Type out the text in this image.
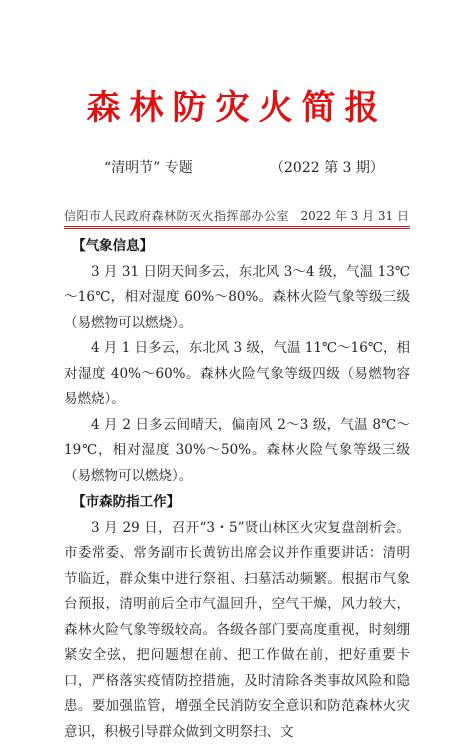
森林防灾火简报
“清明节” 专题	（2022 第 3 期）
信阳市人民政府森林防灭火指挥部办公室 2022 年 3 月 31 日

【气象信息】

3 月 31 日阴天间多云，东北风 3～4 级，气温 13℃～16℃，相对湿度 60%～80%。森林火险气象等级三级（易燃物可以燃烧）。

4 月 1 日多云，东北风 3 级，气温 11℃～16℃，相对湿度 40%～60%。森林火险气象等级四级（易燃物容易燃烧）。

4 月 2 日多云间晴天，偏南风 2～3 级，气温 8℃～19℃，相对湿度 30%～50%。森林火险气象等级三级（易燃物可以燃烧）。

【市森防指工作】

3 月 29 日，召开“3・5”贤山林区火灾复盘剖析会。市委常委、常务副市长黄钫出席会议并作重要讲话：清明节临近，群众集中进行祭祖、扫墓活动频繁。根据市气象台预报，清明前后全市气温回升，空气干燥，风力较大，森林火险气象等级较高。各级各部门要高度重视，时刻绷紧安全弦，把问题想在前、把工作做在前，把好重要卡口，严格落实疫情防控措施，及时清除各类事故风险和隐患。要加强监管，增强全民消防安全意识和防范森林火灾意识，积极引导群众做到文明祭扫、文
